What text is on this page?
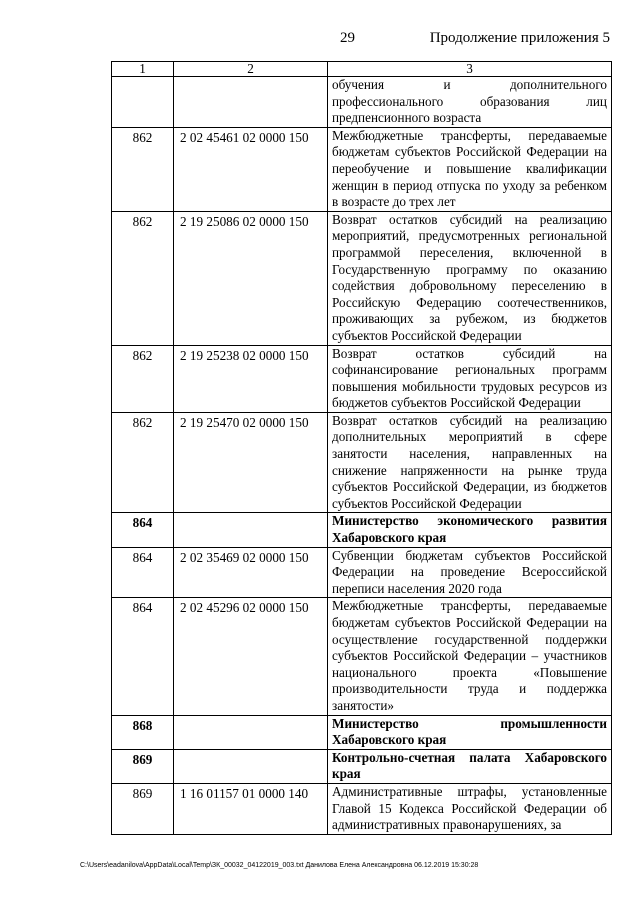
29	Продолжение приложения 5
1	2	3
		обучения и дополнительного профессионального образования лиц предпенсионного возраста
862	2 02 45461 02 0000 150	Межбюджетные трансферты, передаваемые бюджетам субъектов Российской Федерации на переобучение и повышение квалификации женщин в период отпуска по уходу за ребенком в возрасте до трех лет
862	2 19 25086 02 0000 150	Возврат остатков субсидий на реализацию мероприятий, предусмотренных региональной программой переселения, включенной в Государственную программу по оказанию содействия добровольному переселению в Российскую Федерацию соотечественников, проживающих за рубежом, из бюджетов субъектов Российской Федерации
862	2 19 25238 02 0000 150	Возврат остатков субсидий на софинансирование региональных программ повышения мобильности трудовых ресурсов из бюджетов субъектов Российской Федерации
862	2 19 25470 02 0000 150	Возврат остатков субсидий на реализацию дополнительных мероприятий в сфере занятости населения, направленных на снижение напряженности на рынке труда субъектов Российской Федерации, из бюджетов субъектов Российской Федерации
864		Министерство экономического развития Хабаровского края
864	2 02 35469 02 0000 150	Субвенции бюджетам субъектов Российской Федерации на проведение Всероссийской переписи населения 2020 года
864	2 02 45296 02 0000 150	Межбюджетные трансферты, передаваемые бюджетам субъектов Российской Федерации на осуществление государственной поддержки субъектов Российской Федерации – участников национального проекта «Повышение производительности труда и поддержка занятости»
868		Министерство промышленности Хабаровского края
869		Контрольно-счетная палата Хабаровского края
869	1 16 01157 01 0000 140	Административные штрафы, установленные Главой 15 Кодекса Российской Федерации об административных правонарушениях, за
C:\Users\eadanilova\AppData\Local\Temp\ЗК_00032_04122019_003.txt Данилова Елена Александровна 06.12.2019 15:30:28
